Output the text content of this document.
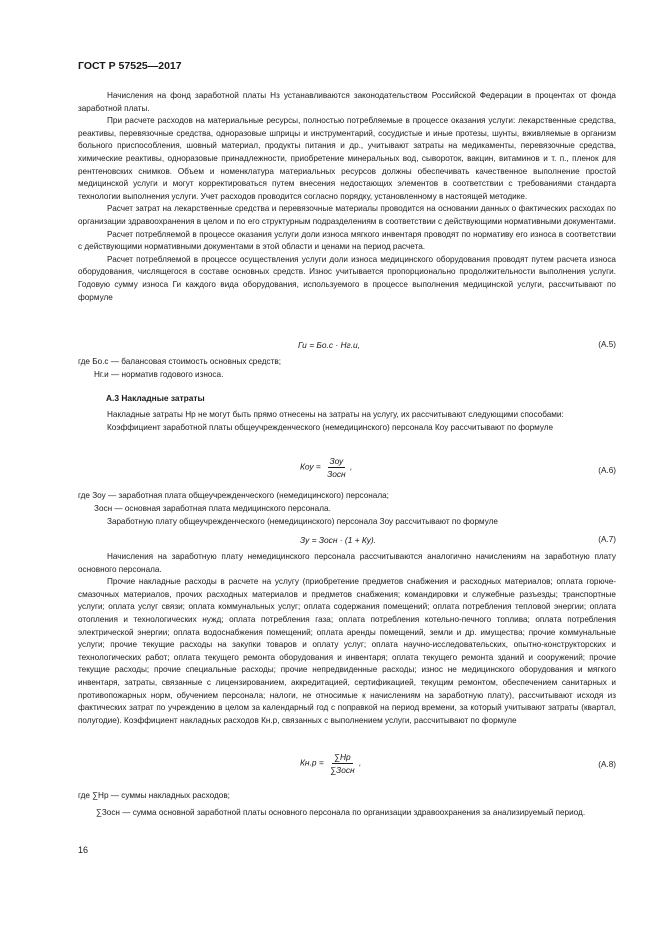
ГОСТ Р 57525—2017

Начисления на фонд заработной платы Нз устанавливаются законодательством Российской Федерации в процентах от фонда заработной платы.

При расчете расходов на материальные ресурсы, полностью потребляемые в процессе оказания услуги: лекарственные средства, реактивы, перевязочные средства, одноразовые шприцы и инструментарий, сосудистые и иные протезы, шунты, вживляемые в организм больного приспособления, шовный материал, продукты питания и др., учитывают затраты на медикаменты, перевязочные средства, химические реактивы, одноразовые принадлежности, приобретение минеральных вод, сывороток, вакцин, витаминов и т. п., пленок для рентгеновских снимков. Объем и номенклатура материальных ресурсов должны обеспечивать качественное выполнение простой медицинской услуги и могут корректироваться путем внесения недостающих элементов в соответствии с требованиями стандарта технологии выполнения услуги. Учет расходов проводится согласно порядку, установленному в настоящей методике.

Расчет затрат на лекарственные средства и перевязочные материалы проводится на основании данных о фактических расходах по организации здравоохранения в целом и по его структурным подразделениям в соответствии с действующими нормативными документами.

Расчет потребляемой в процессе оказания услуги доли износа мягкого инвентаря проводят по нормативу его износа в соответствии с действующими нормативными документами в этой области и ценами на период расчета.

Расчет потребляемой в процессе осуществления услуги доли износа медицинского оборудования проводят путем расчета износа оборудования, числящегося в составе основных средств. Износ учитывается пропорционально продолжительности выполнения услуги. Годовую сумму износа Ги каждого вида оборудования, используемого в процессе выполнения медицинской услуги, рассчитывают по формуле

Ги = Бо.с · Нг.и,	(А.5)
где Бо.с — балансовая стоимость основных средств;
Нг.и — норматив годового износа.
А.3 Накладные затраты

Накладные затраты Нр не могут быть прямо отнесены на затраты на услугу, их рассчитывают следующими способами:

Коэффициент заработной платы общеучрежденческого (немедицинского) персонала Коу рассчитывают по формуле

Коу = $\frac{\text{Зоу}}{\text{Зосн}}$ ,	(А.6)
где Зоу — заработная плата общеучрежденческого (немедицинского) персонала;
Зосн — основная заработная плата медицинского персонала.
Заработную плату общеучрежденческого (немедицинского) персонала Зоу рассчитывают по формуле
Зу = Зосн · (1 + Ку).	(А.7)

Начисления на заработную плату немедицинского персонала рассчитываются аналогично начислениям на заработную плату основного персонала.

Прочие накладные расходы в расчете на услугу (приобретение предметов снабжения и расходных материалов; оплата горюче-смазочных материалов, прочих расходных материалов и предметов снабжения; командировки и служебные разъезды; транспортные услуги; оплата услуг связи; оплата коммунальных услуг; оплата содержания помещений; оплата потребления тепловой энергии; оплата отопления и технологических нужд; оплата потребления газа; оплата потребления котельно-печного топлива; оплата потребления электрической энергии; оплата водоснабжения помещений; оплата аренды помещений, земли и др. имущества; прочие коммунальные услуги; прочие текущие расходы на закупки товаров и оплату услуг; оплата научно-исследовательских, опытно-конструкторских и технологических работ; оплата текущего ремонта оборудования и инвентаря; оплата текущего ремонта зданий и сооружений; прочие текущие расходы; прочие специальные расходы; прочие непредвиденные расходы; износ не медицинского оборудования и мягкого инвентаря, затраты, связанные с лицензированием, аккредитацией, сертификацией, текущим ремонтом, обеспечением санитарных и противопожарных норм, обучением персонала; налоги, не относимые к начислениям на заработную плату), рассчитывают исходя из фактических затрат по учреждению в целом за календарный год с поправкой на период времени, за который учитывают затраты (квартал, полугодие). Коэффициент накладных расходов Кн.р, связанных с выполнением услуги, рассчитывают по формуле

$Кн.р = \frac{\sum Нр}{\text{∑Зосн}}$ ,	(А.8)
где ∑Нр — суммы накладных расходов;
∑Зосн — сумма основной заработной платы основного персонала по организации здравоохранения за анализируемый период.
16
